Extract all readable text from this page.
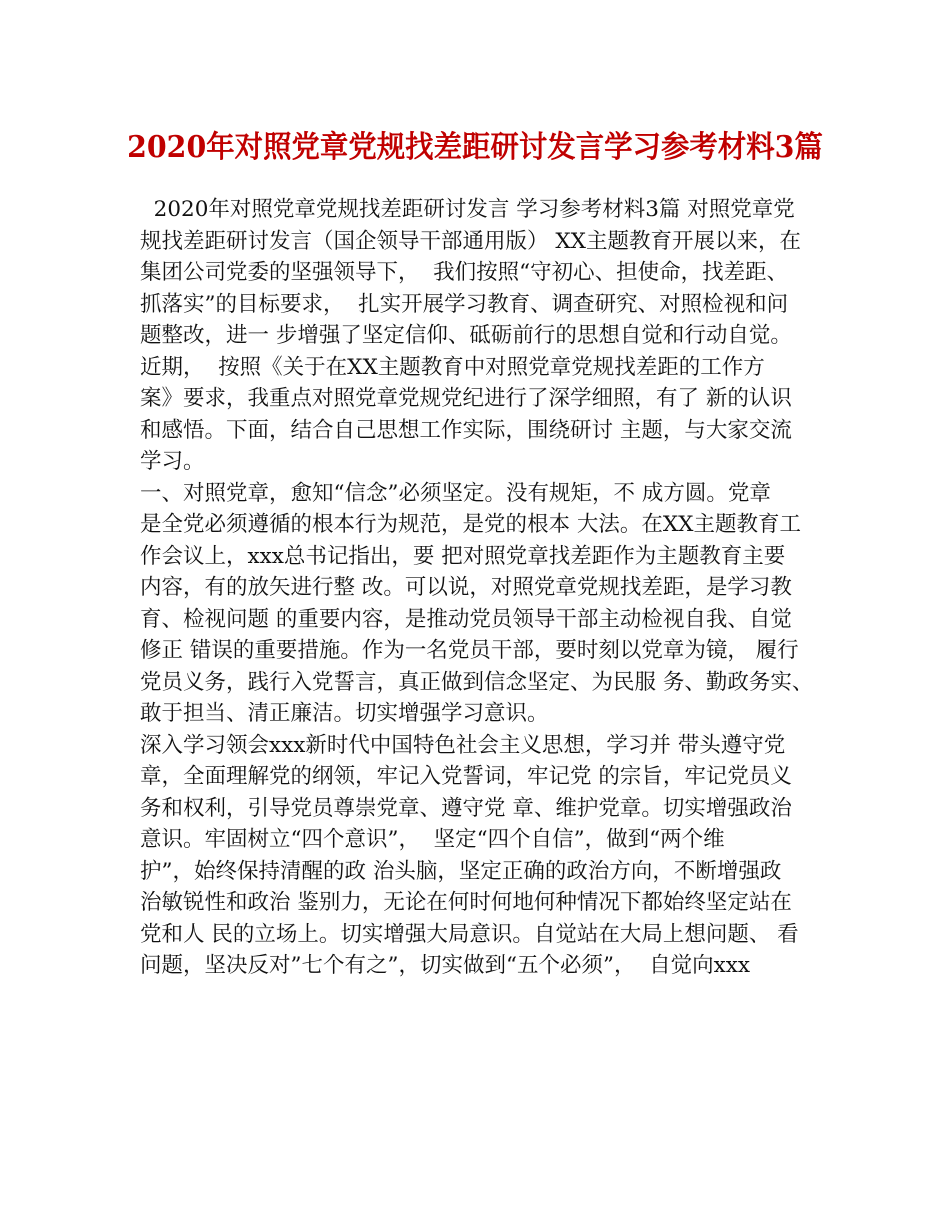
2020年对照党章党规找差距研讨发言学习参考材料3篇
2020年对照党章党规找差距研讨发言 学习参考材料3篇 对照党章党
规找差距研讨发言（国企领导干部通用版） XX主题教育开展以来，在
集团公司党委的坚强领导下，  我们按照“守初心、担使命，找差距、
抓落实”的目标要求，  扎实开展学习教育、调查研究、对照检视和问
题整改，进一 步增强了坚定信仰、砥砺前行的思想自觉和行动自觉。
近期，  按照《关于在XX主题教育中对照党章党规找差距的工作方
案》要求，我重点对照党章党规党纪进行了深学细照，有了 新的认识
和感悟。下面，结合自己思想工作实际，围绕研讨 主题，与大家交流
学习。
一、对照党章，愈知“信念”必须坚定。没有规矩，不 成方圆。党章
是全党必须遵循的根本行为规范，是党的根本 大法。在XX主题教育工
作会议上，xxx总书记指出，要 把对照党章找差距作为主题教育主要
内容，有的放矢进行整 改。可以说，对照党章党规找差距，是学习教
育、检视问题 的重要内容，是推动党员领导干部主动检视自我、自觉
修正 错误的重要措施。作为一名党员干部，要时刻以党章为镜， 履行
党员义务，践行入党誓言，真正做到信念坚定、为民服 务、勤政务实、
敢于担当、清正廉洁。切实增强学习意识。
深入学习领会xxx新时代中国特色社会主义思想，学习并 带头遵守党
章，全面理解党的纲领，牢记入党誓词，牢记党 的宗旨，牢记党员义
务和权利，引导党员尊崇党章、遵守党 章、维护党章。切实增强政治
意识。牢固树立“四个意识”，  坚定“四个自信”，做到“两个维
护”，始终保持清醒的政 治头脑，坚定正确的政治方向，不断增强政
治敏锐性和政治 鉴别力，无论在何时何地何种情况下都始终坚定站在
党和人 民的立场上。切实增强大局意识。自觉站在大局上想问题、 看
问题，坚决反对”七个有之”，切实做到“五个必须”，  自觉向xxx
